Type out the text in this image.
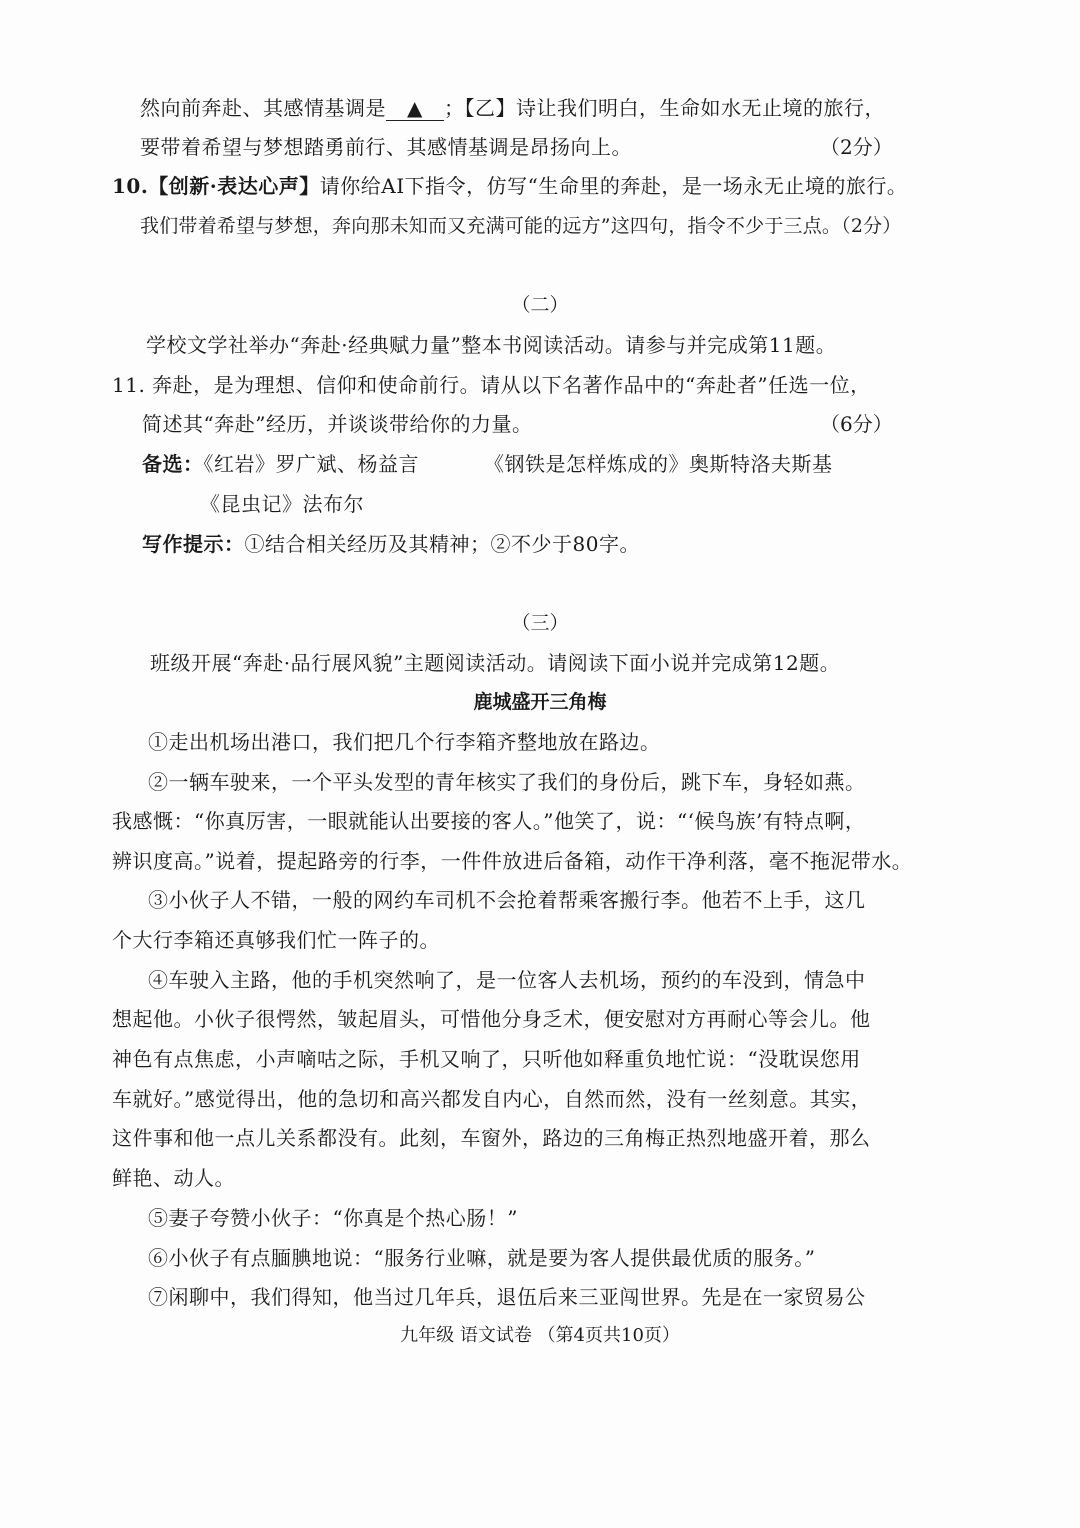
然向前奔赴、其感情基调是 ▲ ；【乙】诗让我们明白，生命如水无止境的旅行，
要带着希望与梦想踏勇前行、其感情基调是昂扬向上。	（2分）
10.【创新·表达心声】请你给AI下指令，仿写“生命里的奔赴，是一场永无止境的旅行。
我们带着希望与梦想，奔向那未知而又充满可能的远方”这四句，指令不少于三点。（2分）
（二）
学校文学社举办“奔赴·经典赋力量”整本书阅读活动。请参与并完成第11题。
11. 奔赴，是为理想、信仰和使命前行。请从以下名著作品中的“奔赴者”任选一位，
简述其“奔赴”经历，并谈谈带给你的力量。	（6分）
备选：《红岩》罗广斌、杨益言	《钢铁是怎样炼成的》奥斯特洛夫斯基
《昆虫记》法布尔
写作提示：①结合相关经历及其精神；②不少于80字。
（三）
班级开展“奔赴·品行展风貌”主题阅读活动。请阅读下面小说并完成第12题。
鹿城盛开三角梅
①走出机场出港口，我们把几个行李箱齐整地放在路边。
②一辆车驶来，一个平头发型的青年核实了我们的身份后，跳下车，身轻如燕。
我感慨：“你真厉害，一眼就能认出要接的客人。”他笑了，说：“‘候鸟族’有特点啊，
辨识度高。”说着，提起路旁的行李，一件件放进后备箱，动作干净利落，毫不拖泥带水。
③小伙子人不错，一般的网约车司机不会抢着帮乘客搬行李。他若不上手，这几
个大行李箱还真够我们忙一阵子的。
④车驶入主路，他的手机突然响了，是一位客人去机场，预约的车没到，情急中
想起他。小伙子很愕然，皱起眉头，可惜他分身乏术，便安慰对方再耐心等会儿。他
神色有点焦虑，小声嘀咕之际，手机又响了，只听他如释重负地忙说：“没耽误您用
车就好。”感觉得出，他的急切和高兴都发自内心，自然而然，没有一丝刻意。其实，
这件事和他一点儿关系都没有。此刻，车窗外，路边的三角梅正热烈地盛开着，那么
鲜艳、动人。
⑤妻子夸赞小伙子：“你真是个热心肠！”
⑥小伙子有点腼腆地说：“服务行业嘛，就是要为客人提供最优质的服务。”
⑦闲聊中，我们得知，他当过几年兵，退伍后来三亚闯世界。先是在一家贸易公
九年级 语文试卷 （第4页共10页）
